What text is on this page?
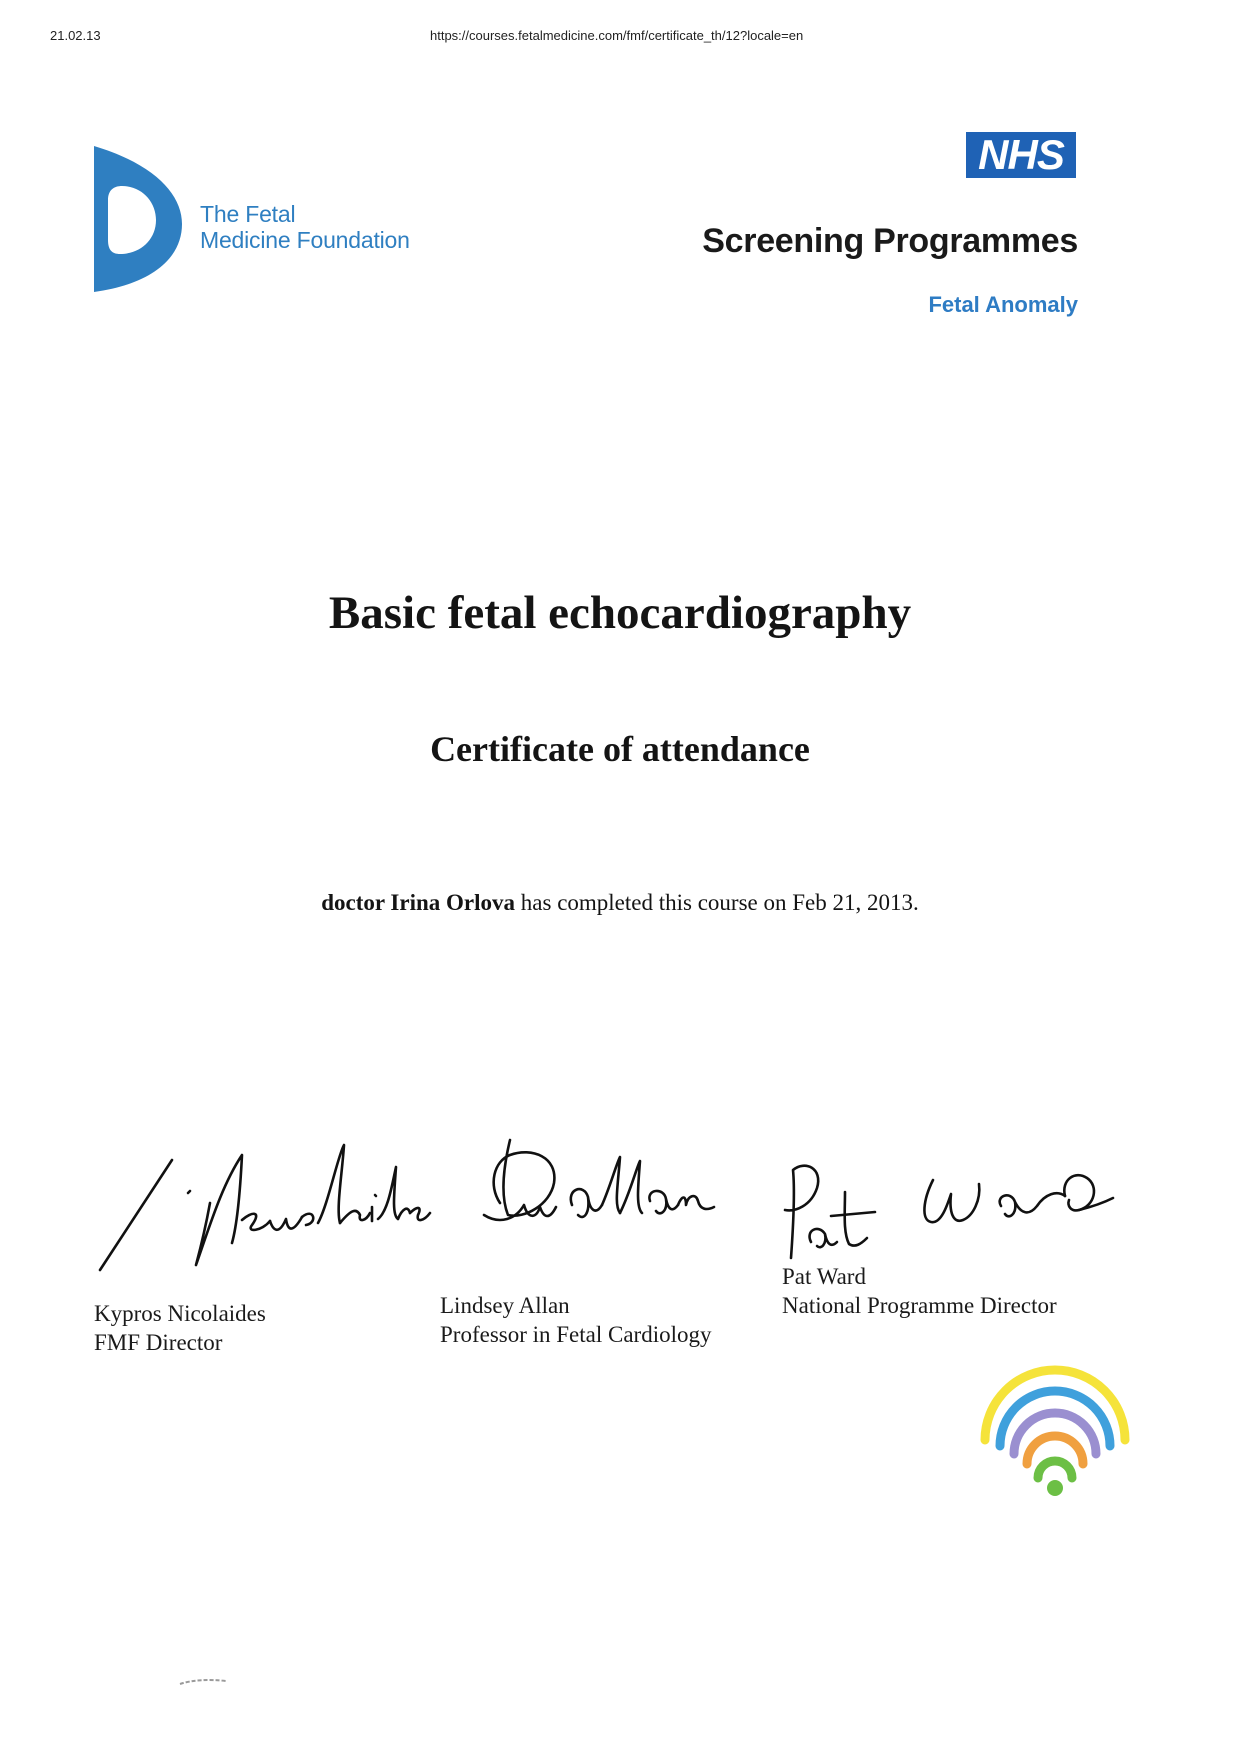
21.02.13	https://courses.fetalmedicine.com/fmf/certificate_th/12?locale=en
The Fetal
Medicine Foundation
NHS
Screening Programmes
Fetal Anomaly
Basic fetal echocardiography
Certificate of attendance
doctor Irina Orlova has completed this course on Feb 21, 2013.
Kypros Nicolaides
FMF Director
Lindsey Allan
Professor in Fetal Cardiology
Pat Ward
National Programme Director
